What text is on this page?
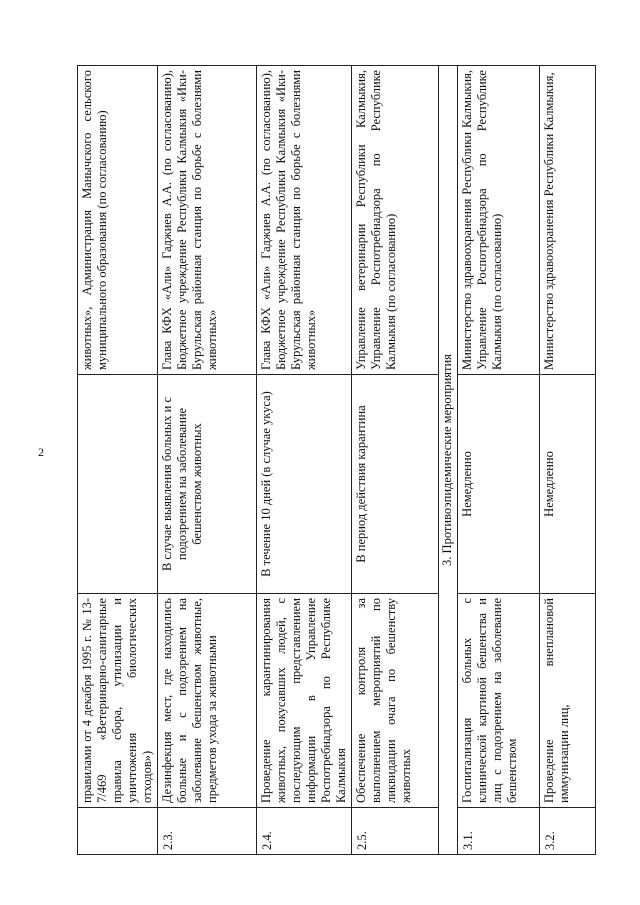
2
	правилами от 4 декабря 1995 г. № 13-7/469 «Ветеринарно-санитарные правила сбора, утилизации и уничтожения биологических отходов»)		животных», Администрация Манычского сельского муниципального образования (по согласованию)
2.3.	Дезинфекция мест, где находились больные и с подозрением на заболевание бешенством животные, предметов ухода за животными	В случае выявления больных и с подозрением на заболевание бешенством животных	Глава КФХ «Али» Гаджиев А.А. (по согласованию), Бюджетное учреждение Республики Калмыкия «Ики-Бурульская районная станция по борьбе с болезнями животных»
2.4.	Проведение карантинирования животных, покусавших людей, с последующим представлением информации в Управление Роспотребнадзора по Республике Калмыкия	В течение 10 дней (в случае укуса)	Глава КФХ «Али» Гаджиев А.А. (по согласованию), Бюджетное учреждение Республики Калмыкия «Ики-Бурульская районная станция по борьбе с болезнями животных»
2.5.	Обеспечение контроля за выполнением мероприятий по ликвидации очага по бешенству животных	В период действия карантина	Управление ветеринарии Республики Калмыкия, Управление Роспотребнадзора по Республике Калмыкия (по согласованию)
3. Противоэпидемические мероприятия			
3.1.	Госпитализация больных с клинической картиной бешенства и лиц с подозрением на заболевание бешенством	Немедленно	Министерство здравоохранения Республики Калмыкия, Управление Роспотребнадзора по Республике Калмыкия (по согласованию)
3.2.	Проведение внеплановой иммунизации лиц,	Немедленно	Министерство здравоохранения Республики Калмыкия,
